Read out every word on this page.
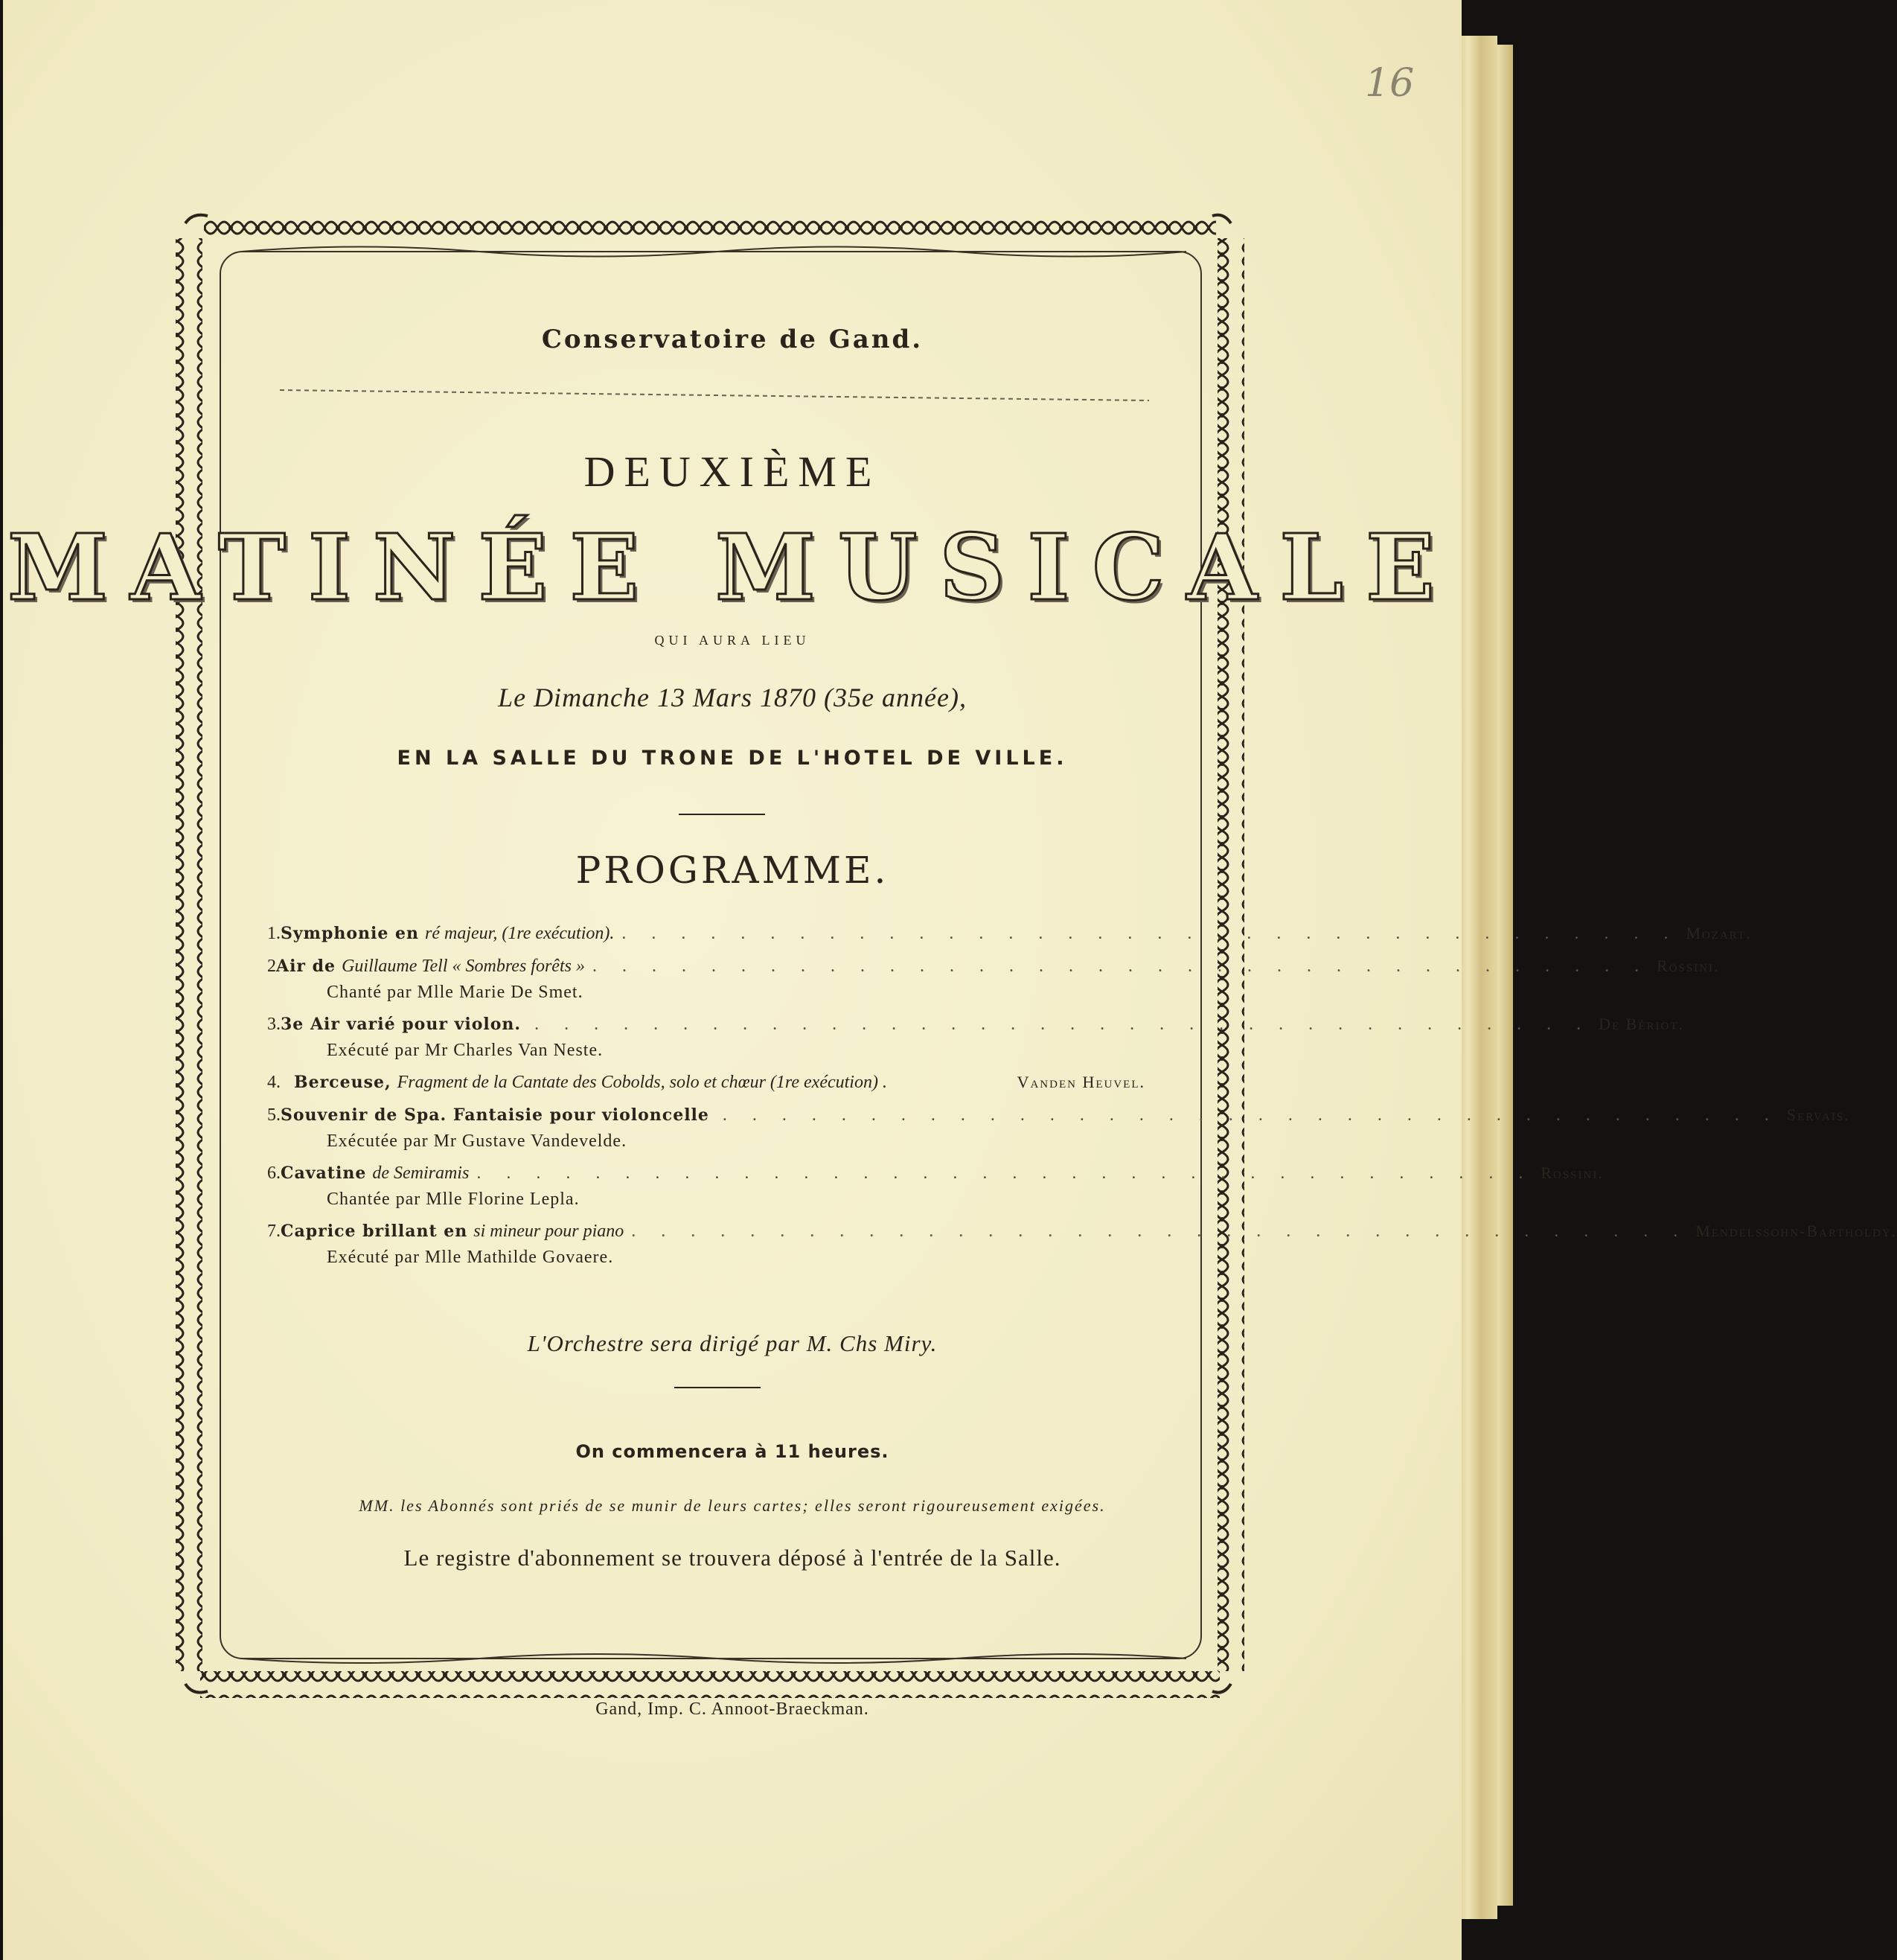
16
Conservatoire de Gand.
DEUXIÈME
MATINÉE MUSICALE
QUI AURA LIEU
Le Dimanche 13 Mars 1870 (35e année),
EN LA SALLE DU TRONE DE L'HOTEL DE VILLE.
PROGRAMME.
1. Symphonie en ré majeur, (1re exécution). . . . . . . . . . . . . . . . . . . . . . . . . . . . . . . . . . . . . Mozart.
2 Air de Guillaume Tell « Sombres forêts » . . . . . . . . . . . . . . . . . . . . . . . . . . . . . . . . . . . . Rossini.
Chanté par Mlle Marie De Smet.
3. 3e Air varié pour violon. . . . . . . . . . . . . . . . . . . . . . . . . . . . . . . . . . . . . De Bériot.
Exécuté par Mr Charles Van Neste.
4. Berceuse, Fragment de la Cantate des Cobolds, solo et chœur (1re exécution) .	Vanden Heuvel.
5. Souvenir de Spa. Fantaisie pour violoncelle . . . . . . . . . . . . . . . . . . . . . . . . . . . . . . . . . . . . Servais.
Exécutée par Mr Gustave Vandevelde.
6. Cavatine de Semiramis . . . . . . . . . . . . . . . . . . . . . . . . . . . . . . . . . . . . Rossini.
Chantée par Mlle Florine Lepla.
7. Caprice brillant en si mineur pour piano . . . . . . . . . . . . . . . . . . . . . . . . . . . . . . . . . . . . Mendelssohn-Bartholdy.
Exécuté par Mlle Mathilde Govaere.
L'Orchestre sera dirigé par M. Chs Miry.
On commencera à 11 heures.
MM. les Abonnés sont priés de se munir de leurs cartes; elles seront rigoureusement exigées.
Le registre d'abonnement se trouvera déposé à l'entrée de la Salle.
Gand, Imp. C. Annoot-Braeckman.
